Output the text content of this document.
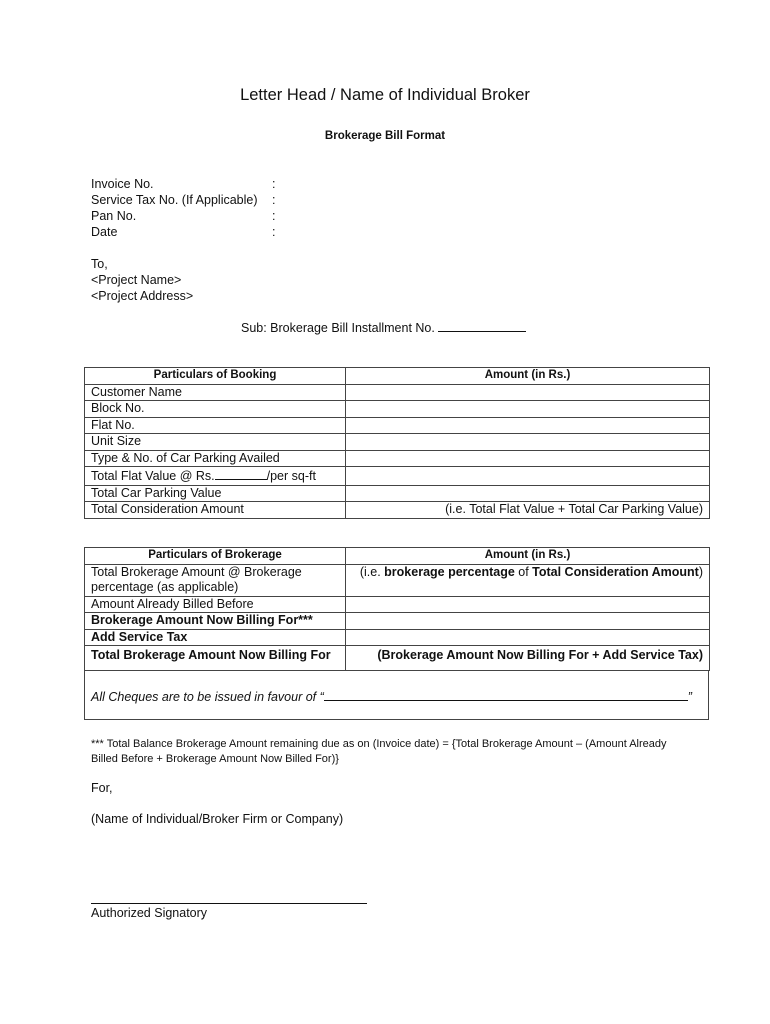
Letter Head / Name of Individual Broker
Brokerage Bill Format
Invoice No.	:
Service Tax No. (If Applicable) :
Pan No.	:
Date	:
To,
<Project Name>
<Project Address>
Sub: Brokerage Bill Installment No.
Particulars of Booking	Amount (in Rs.)
Customer Name	
Block No.	
Flat No.	
Unit Size	
Type & No. of Car Parking Availed	
Total Flat Value @ Rs. /per sq-ft	
Total Car Parking Value	
Total Consideration Amount	(i.e. Total Flat Value + Total Car Parking Value)
Particulars of Brokerage	Amount (in Rs.)
Total Brokerage Amount @ Brokerage percentage (as applicable)	(i.e. brokerage percentage of Total Consideration Amount)
Amount Already Billed Before	
Brokerage Amount Now Billing For***	
Add Service Tax	
Total Brokerage Amount Now Billing For	(Brokerage Amount Now Billing For + Add Service Tax)
All Cheques are to be issued in favour of “	”
*** Total Balance Brokerage Amount remaining due as on (Invoice date) = {Total Brokerage Amount – (Amount Already Billed Before + Brokerage Amount Now Billed For)}
For,
(Name of Individual/Broker Firm or Company)
Authorized Signatory
